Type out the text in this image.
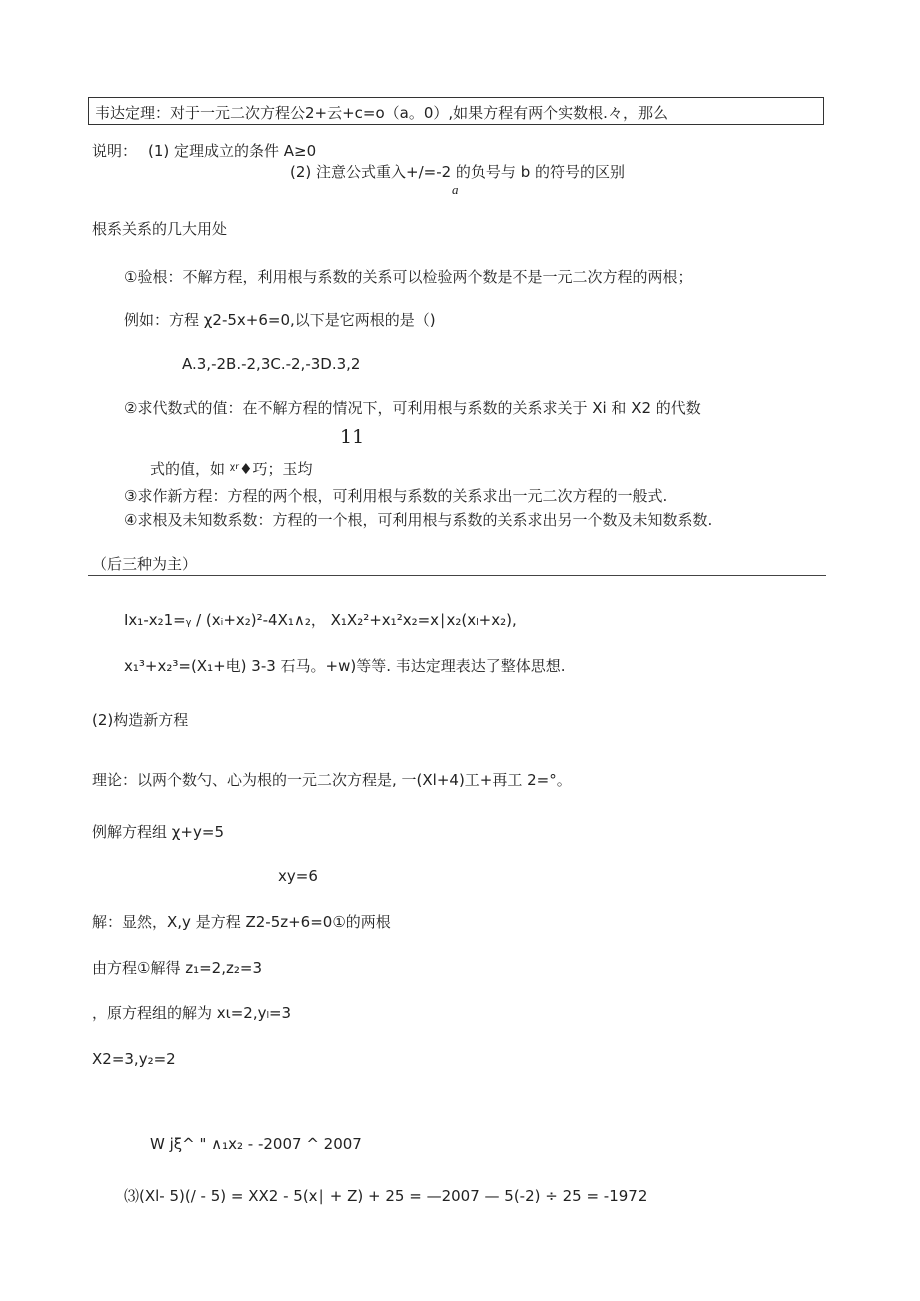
韦达定理：对于一元二次方程公2+云+c=o（a。0）,如果方程有两个实数根.々，那么
说明： (1) 定理成立的条件 A≥0
(2) 注意公式重入+/=-2 的负号与 b 的符号的区别
a
根系关系的几大用处
①验根：不解方程，利用根与系数的关系可以检验两个数是不是一元二次方程的两根；
例如：方程 χ2-5x+6=0,以下是它两根的是（)
A.3,-2B.-2,3C.-2,-3D.3,2
②求代数式的值：在不解方程的情况下，可利用根与系数的关系求关于 Xi 和 X2 的代数
11
式的值，如 ᵡʳ♦巧；玉均
③求作新方程：方程的两个根，可利用根与系数的关系求出一元二次方程的一般式.
④求根及未知数系数：方程的一个根，可利用根与系数的关系求出另一个数及未知数系数.
（后三种为主）
Ix₁-x₂1=ᵧ / (xᵢ+x₂)²-4X₁∧₂， X₁X₂²+x₁²x₂=x∣x₂(xₗ+x₂),
x₁³+x₂³=(X₁+电) 3-3 石马。+w)等等. 韦达定理表达了整体思想.
(2)构造新方程
理论：以两个数勺、心为根的一元二次方程是, 一(Xl+4)工+再工 2=°。
例解方程组 χ+y=5
xy=6
解：显然，X,y 是方程 Z2-5z+6=0①的两根
由方程①解得 z₁=2,z₂=3
，原方程组的解为 xι=2,yₗ=3
X2=3,y₂=2
W jξ^ " ∧₁x₂ - -2007 ^ 2007
⑶(Xl- 5)(/ - 5) = XX2 - 5(x∣ + Z) + 25 = —2007 — 5(-2) ÷ 25 = -1972
